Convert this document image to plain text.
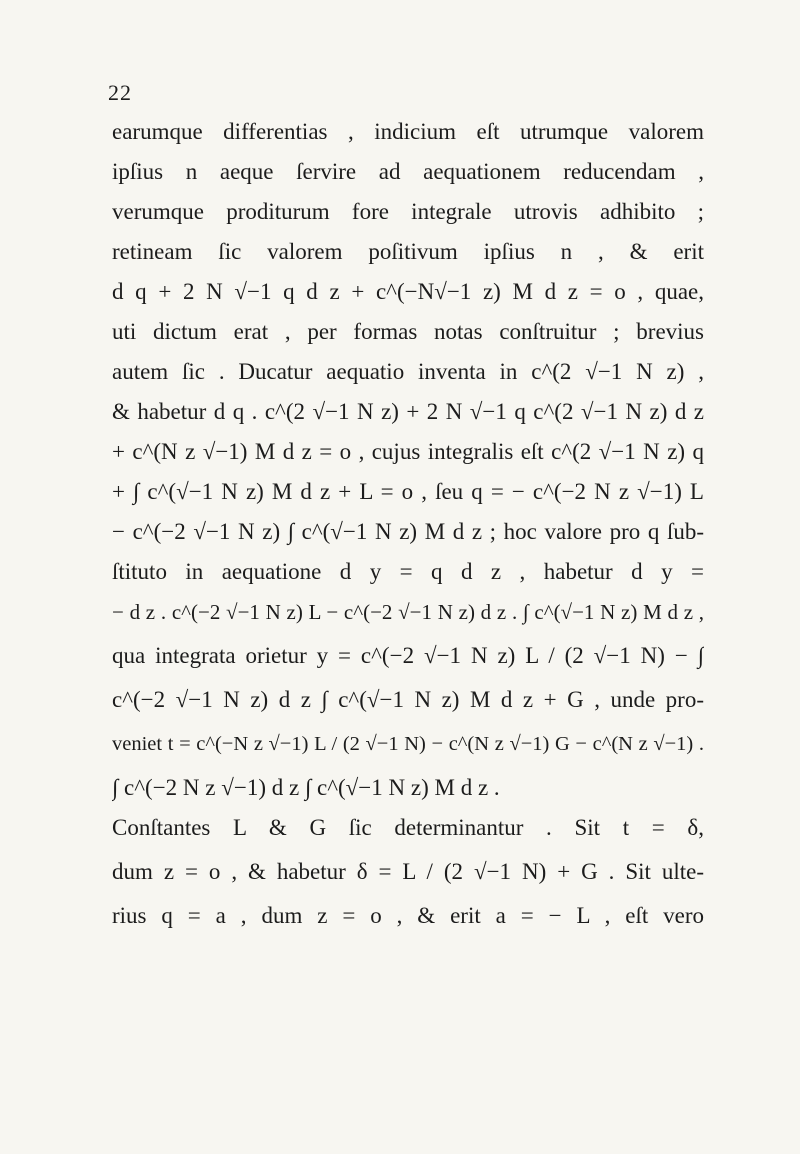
22
earumque differentias , indicium eſt utrumque valorem
ipſius n aeque ſervire ad aequationem reducendam ,
verumque proditurum fore integrale utrovis adhibito ;
retineam ſic valorem poſitivum ipſius n , & erit
d q + 2 N √−1 q d z + c^(−N√−1 z) M d z = o , quae,
uti dictum erat , per formas notas conſtruitur ; brevius
autem ſic . Ducatur aequatio inventa in c^(2 √−1 N z) ,
& habetur d q . c^(2 √−1 N z) + 2 N √−1 q c^(2 √−1 N z) d z
+ c^(N z √−1) M d z = o , cujus integralis eſt c^(2 √−1 N z) q
+ ∫ c^(√−1 N z) M d z + L = o , ſeu q = − c^(−2 N z √−1) L
− c^(−2 √−1 N z) ∫ c^(√−1 N z) M d z ; hoc valore pro q ſub-
ſtituto in aequatione d y = q d z , habetur d y =
− d z . c^(−2 √−1 N z) L − c^(−2 √−1 N z) d z . ∫ c^(√−1 N z) M d z ,
qua integrata orietur y = c^(−2 √−1 N z) L / (2 √−1 N) − ∫
c^(−2 √−1 N z) d z ∫ c^(√−1 N z) M d z + G , unde pro-
veniet t = c^(−N z √−1) L / (2 √−1 N) − c^(N z √−1) G − c^(N z √−1) .
∫ c^(−2 N z √−1) d z ∫ c^(√−1 N z) M d z .
Conſtantes L & G ſic determinantur . Sit t = δ,
dum z = o , & habetur δ = L / (2 √−1 N) + G . Sit ulte-
rius q = a , dum z = o , & erit a = − L , eſt vero
